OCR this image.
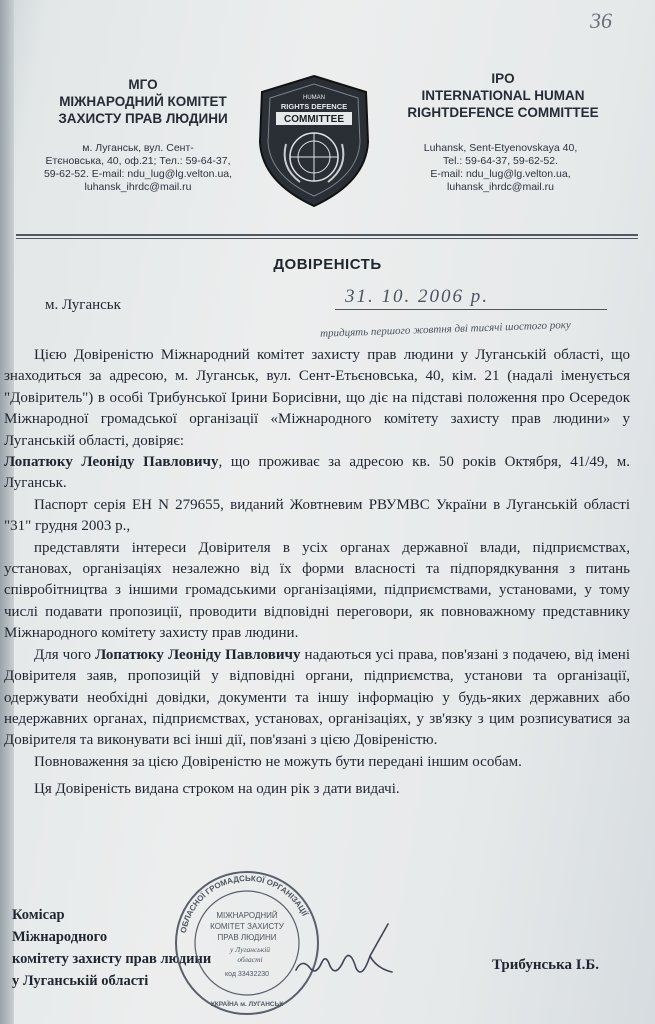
36
МГО
МІЖНАРОДНИЙ КОМІТЕТ
ЗАХИСТУ ПРАВ ЛЮДИНИ
м. Луганськ, вул. Сент-
Етєновська, 40, оф.21; Тел.: 59-64-37,
59-62-52. E-mail: ndu_lug@lg.velton.ua,
luhansk_ihrdc@mail.ru
HUMAN
RIGHTS DEFENCE
COMMITTEE
IPO
INTERNATIONAL HUMAN
RIGHTDEFENCE COMMITTEE
Luhansk, Sent-Etyenovskaya 40,
Tel.: 59-64-37, 59-62-52.
E-mail: ndu_lug@lg.velton.ua,
luhansk_ihrdc@mail.ru
ДОВІРЕНІСТЬ
м. Луганськ	31. 10. 2006 р.
тридцять першого жовтня дві тисячі шостого року

Цією Довіреністю Міжнародний комітет захисту прав людини у Луганській області, що знаходиться за адресою, м. Луганськ, вул. Сент-Етьєновська, 40, кім. 21 (надалі іменується "Довіритель") в особі Трибунської Ірини Борисівни, що діє на підставі положення про Осередок Міжнародної громадської організації «Міжнародного комітету захисту прав людини» у Луганській області, довіряє:

Лопатюку Леоніду Павловичу, що проживає за адресою кв. 50 років Октября, 41/49, м. Луганськ.

Паспорт серія ЕН N 279655, виданий Жовтневим РВУМВС України в Луганській області "31" грудня 2003 р.,

представляти інтереси Довірителя в усіх органах державної влади, підприємствах, установах, організаціях незалежно від їх форми власності та підпорядкування з питань співробітництва з іншими громадськими організаціями, підприємствами, установами, у тому числі подавати пропозиції, проводити відповідні переговори, як повноважному представнику Міжнародного комітету захисту прав людини.

Для чого Лопатюку Леоніду Павловичу надаються усі права, пов'язані з подачею, від імені Довірителя заяв, пропозицій у відповідні органи, підприємства, установи та організації, одержувати необхідні довідки, документи та іншу інформацію у будь-яких державних або недержавних органах, підприємствах, установах, організаціях, у зв'язку з цим розписуватися за Довірителя та виконувати всі інші дії, пов'язані з цією Довіреністю.

Повноваження за цією Довіреністю не можуть бути передані іншим особам.

Ця Довіреність видана строком на один рік з дати видачі.

Комісар
Міжнародного
комітету захисту прав людини
у Луганській області
ОБЛАСНОЇ ГРОМАДСЬКОЇ ОРГАНІЗАЦІЇ
МІЖНАРОДНИЙ
КОМІТЕТ ЗАХИСТУ
ПРАВ ЛЮДИНИ
у Луганській
області
код 33432230
УКРАЇНА м. ЛУГАНСЬК
Трибунська І.Б.
